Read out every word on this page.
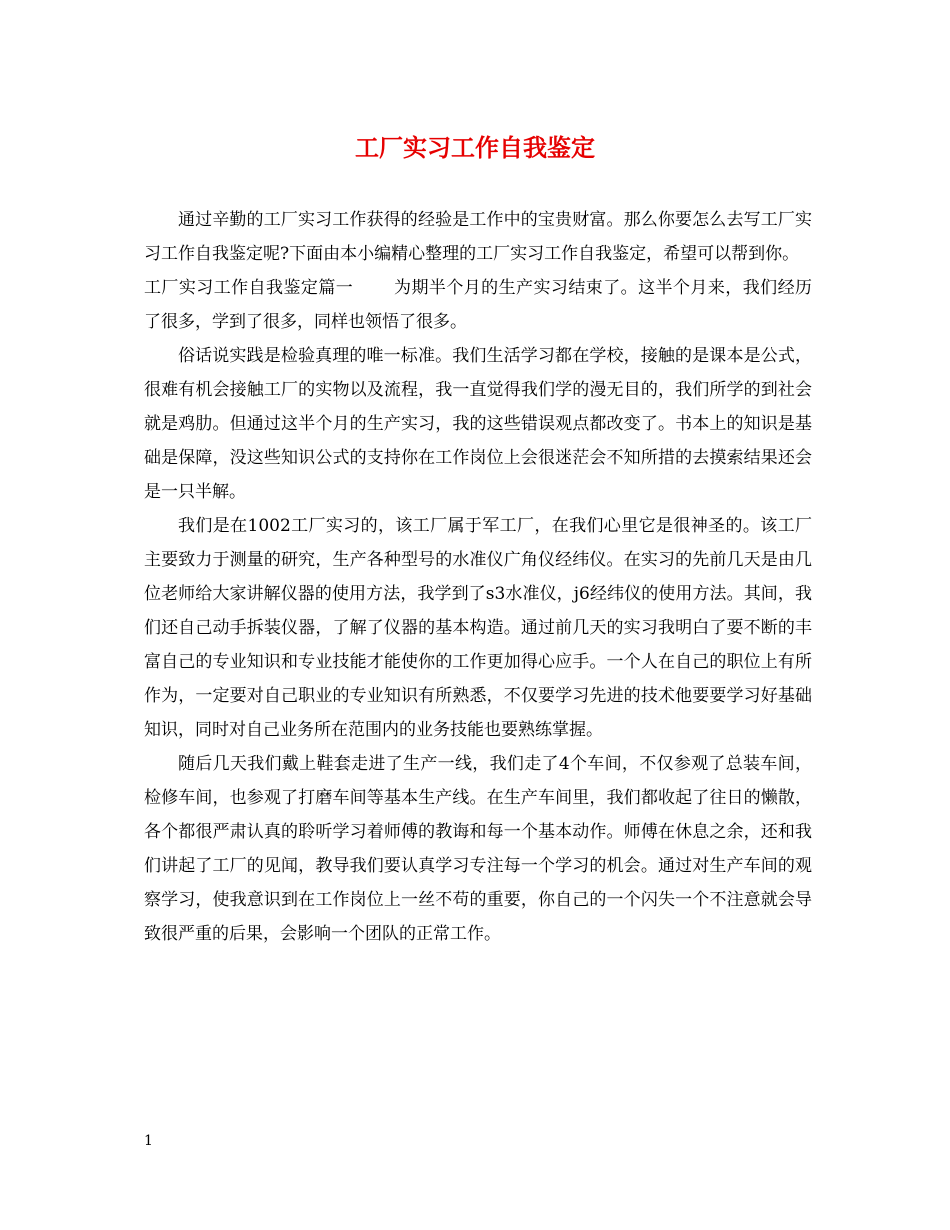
工厂实习工作自我鉴定

通过辛勤的工厂实习工作获得的经验是工作中的宝贵财富。那么你要怎么去写工厂实习工作自我鉴定呢?下面由本小编精心整理的工厂实习工作自我鉴定，希望可以帮到你。

工厂实习工作自我鉴定篇一 为期半个月的生产实习结束了。这半个月来，我们经历了很多，学到了很多，同样也领悟了很多。

俗话说实践是检验真理的唯一标准。我们生活学习都在学校，接触的是课本是公式，很难有机会接触工厂的实物以及流程，我一直觉得我们学的漫无目的，我们所学的到社会就是鸡肋。但通过这半个月的生产实习，我的这些错误观点都改变了。书本上的知识是基础是保障，没这些知识公式的支持你在工作岗位上会很迷茫会不知所措的去摸索结果还会是一只半解。

我们是在1002工厂实习的，该工厂属于军工厂，在我们心里它是很神圣的。该工厂主要致力于测量的研究，生产各种型号的水准仪广角仪经纬仪。在实习的先前几天是由几位老师给大家讲解仪器的使用方法，我学到了s3水准仪，j6经纬仪的使用方法。其间，我们还自己动手拆装仪器，了解了仪器的基本构造。通过前几天的实习我明白了要不断的丰富自己的专业知识和专业技能才能使你的工作更加得心应手。一个人在自己的职位上有所作为，一定要对自己职业的专业知识有所熟悉，不仅要学习先进的技术他要要学习好基础知识，同时对自己业务所在范围内的业务技能也要熟练掌握。

随后几天我们戴上鞋套走进了生产一线，我们走了4个车间，不仅参观了总装车间，检修车间，也参观了打磨车间等基本生产线。在生产车间里，我们都收起了往日的懒散，各个都很严肃认真的聆听学习着师傅的教诲和每一个基本动作。师傅在休息之余，还和我们讲起了工厂的见闻，教导我们要认真学习专注每一个学习的机会。通过对生产车间的观察学习，使我意识到在工作岗位上一丝不苟的重要，你自己的一个闪失一个不注意就会导致很严重的后果，会影响一个团队的正常工作。

1
